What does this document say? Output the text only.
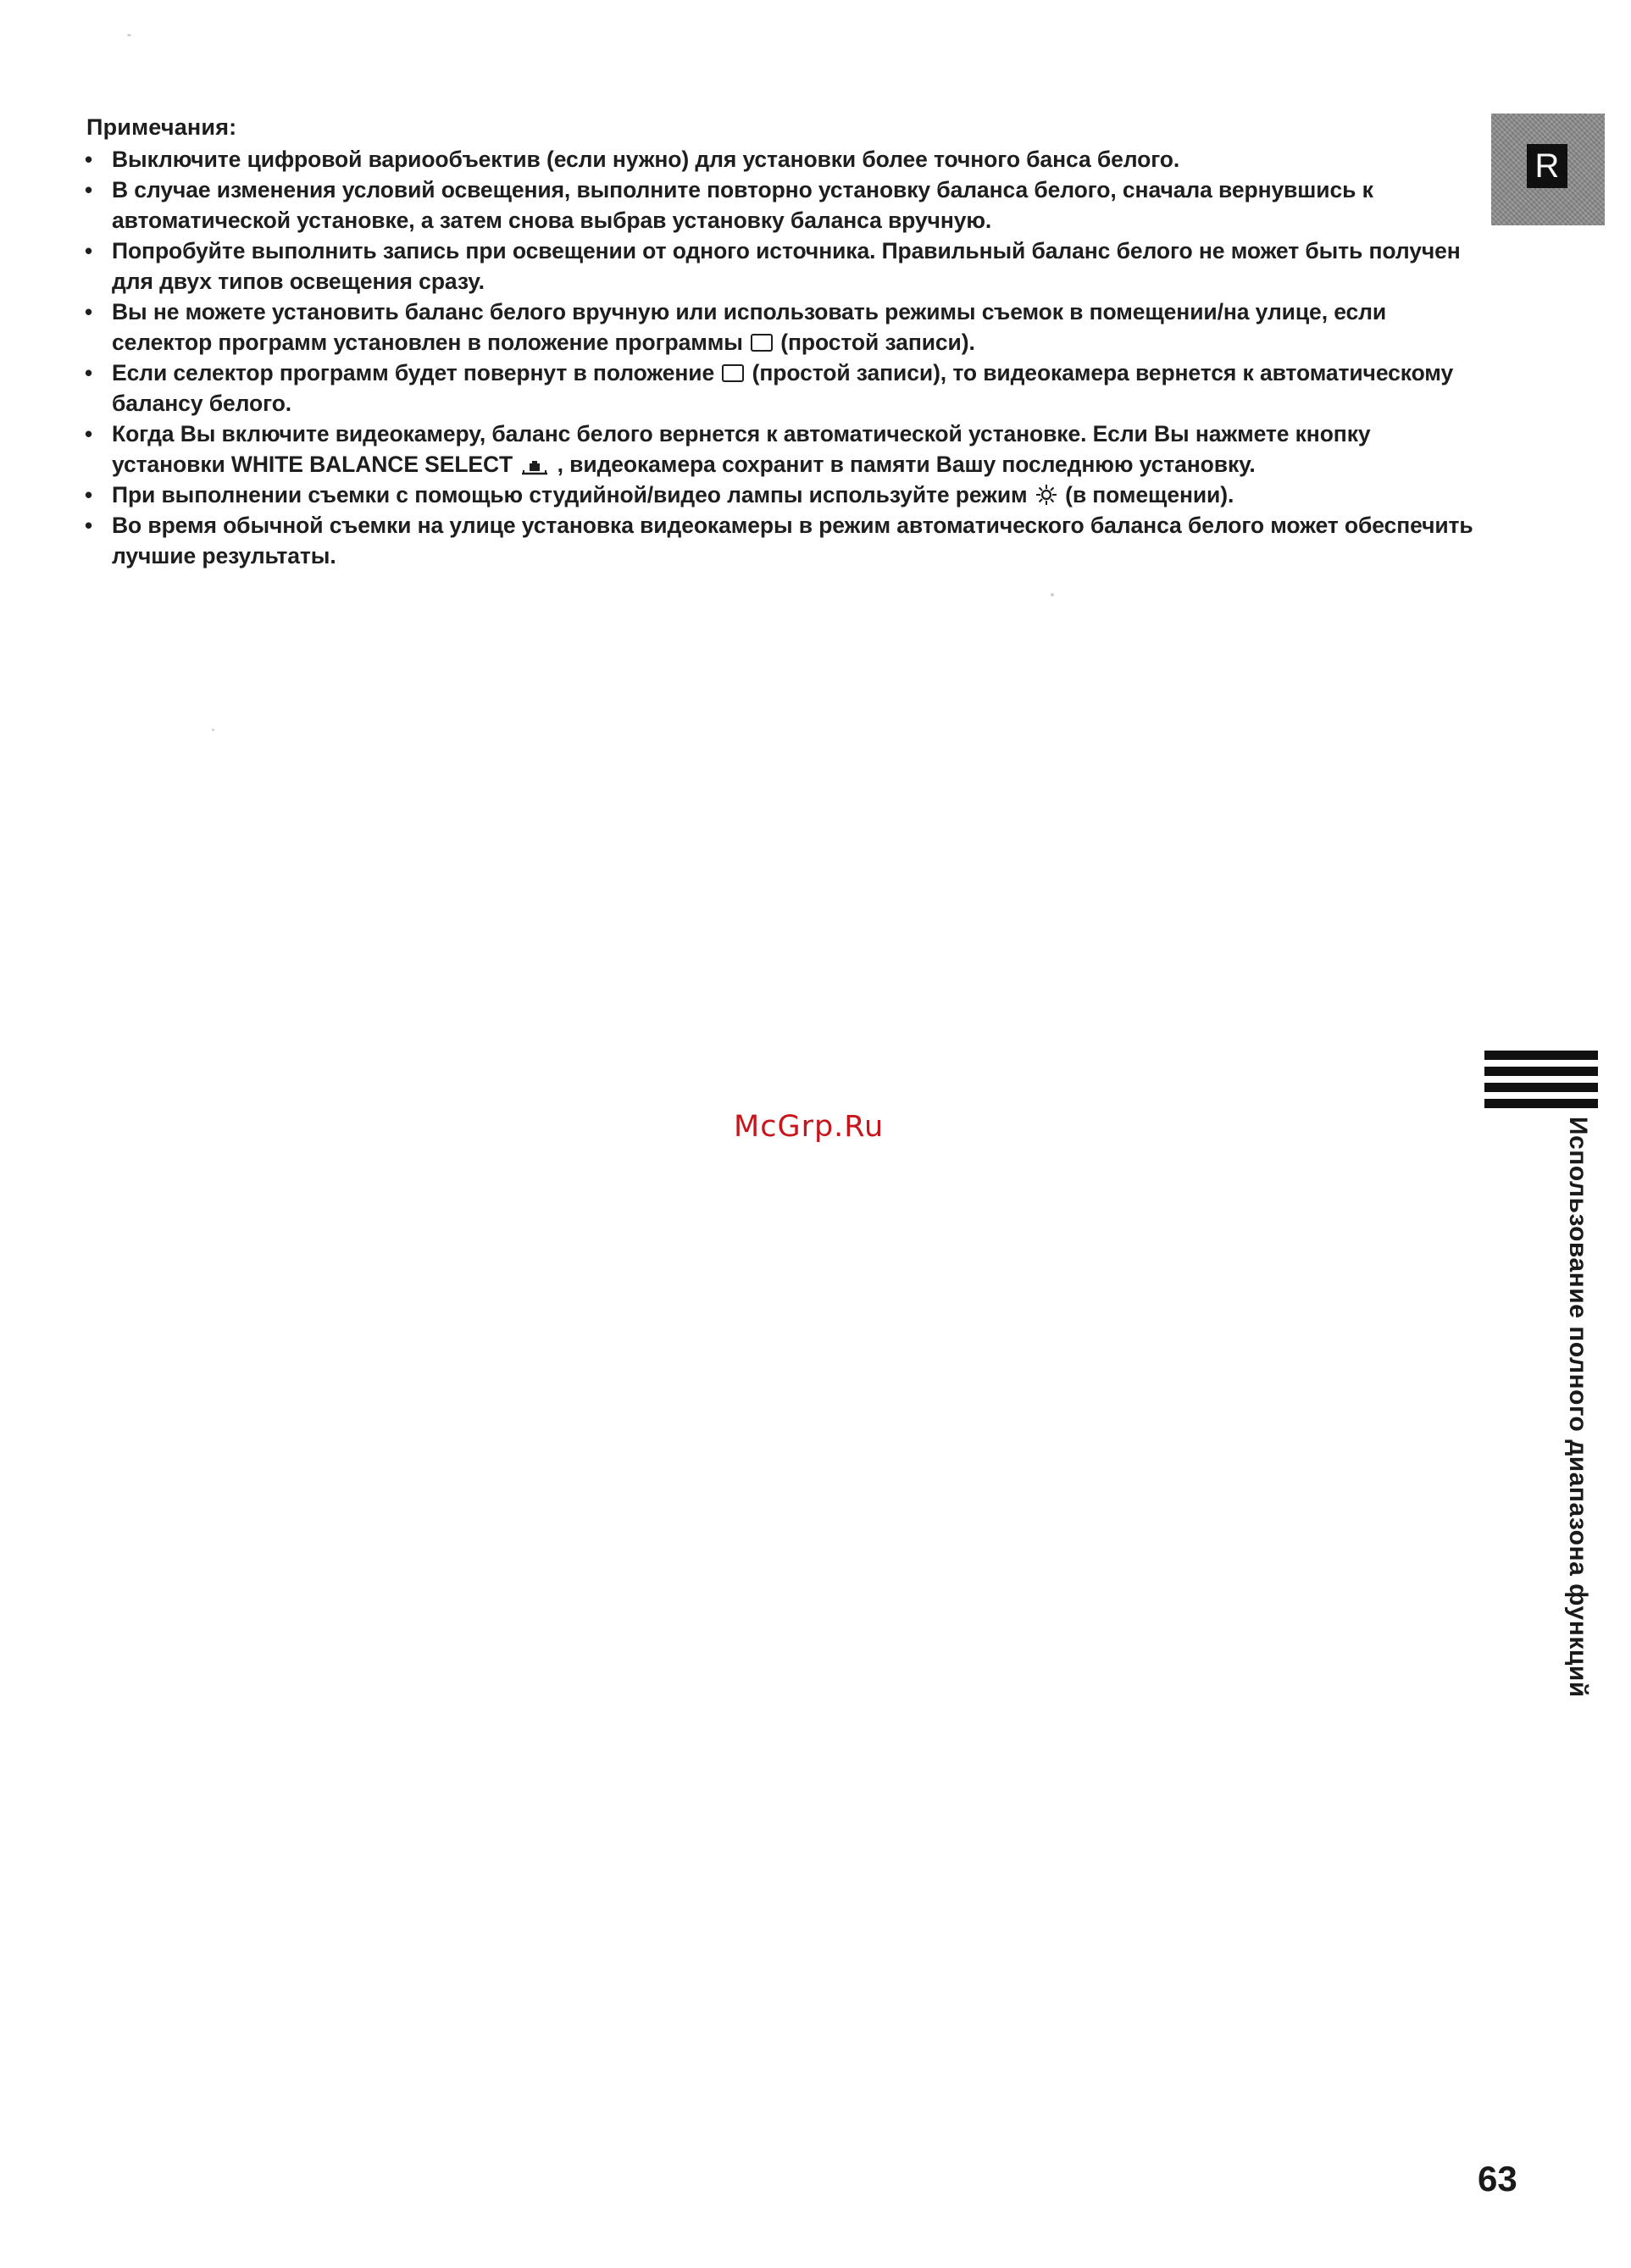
Примечания:
• Выключите цифровой вариообъектив (если нужно) для установки более точного банса белого.
• В случае изменения условий освещения, выполните повторно установку баланса белого, сначала вернувшись к автоматической установке, а затем снова выбрав установку баланса вручную.
• Попробуйте выполнить запись при освещении от одного источника. Правильный баланс белого не может быть получен для двух типов освещения сразу.
• Вы не можете установить баланс белого вручную или использовать режимы съемок в помещении/на улице, если селектор программ установлен в положение программы (простой записи).
• Если селектор программ будет повернут в положение (простой записи), то видеокамера вернется к автоматическому балансу белого.
• Когда Вы включите видеокамеру, баланс белого вернется к автоматической установке. Если Вы нажмете кнопку установки WHITE BALANCE SELECT , видеокамера сохранит в памяти Вашу последнюю установку.
• При выполнении съемки с помощью студийной/видео лампы используйте режим (в помещении).
• Во время обычной съемки на улице установка видеокамеры в режим автоматического баланса белого может обеспечить лучшие результаты.
R
Использование полного диапазона функций
McGrp.Ru
63
